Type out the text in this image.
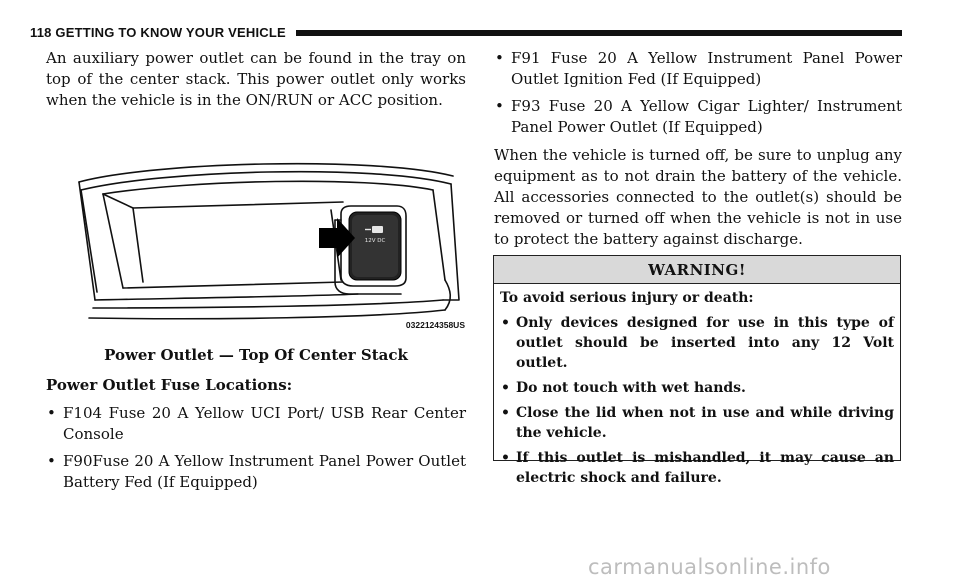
118 GETTING TO KNOW YOUR VEHICLE

An auxiliary power outlet can be found in the tray on top of the center stack. This power outlet only works when the vehicle is in the ON/RUN or ACC position.

12V DC
0322124358US
Power Outlet — Top Of Center Stack
Power Outlet Fuse Locations:
• F104 Fuse 20 A Yellow UCI Port/ USB Rear Center Console
• F90Fuse 20 A Yellow Instrument Panel Power Outlet Battery Fed (If Equipped)
• F91 Fuse 20 A Yellow Instrument Panel Power Outlet Ignition Fed (If Equipped)
• F93 Fuse 20 A Yellow Cigar Lighter/ Instrument Panel Power Outlet (If Equipped)

When the vehicle is turned off, be sure to unplug any equipment as to not drain the battery of the vehicle. All accessories connected to the outlet(s) should be removed or turned off when the vehicle is not in use to protect the battery against discharge.

WARNING!
To avoid serious injury or death:
• Only devices designed for use in this type of outlet should be inserted into any 12 Volt outlet.
• Do not touch with wet hands.
• Close the lid when not in use and while driving the vehicle.
• If this outlet is mishandled, it may cause an electric shock and failure.
carmanualsonline.info
